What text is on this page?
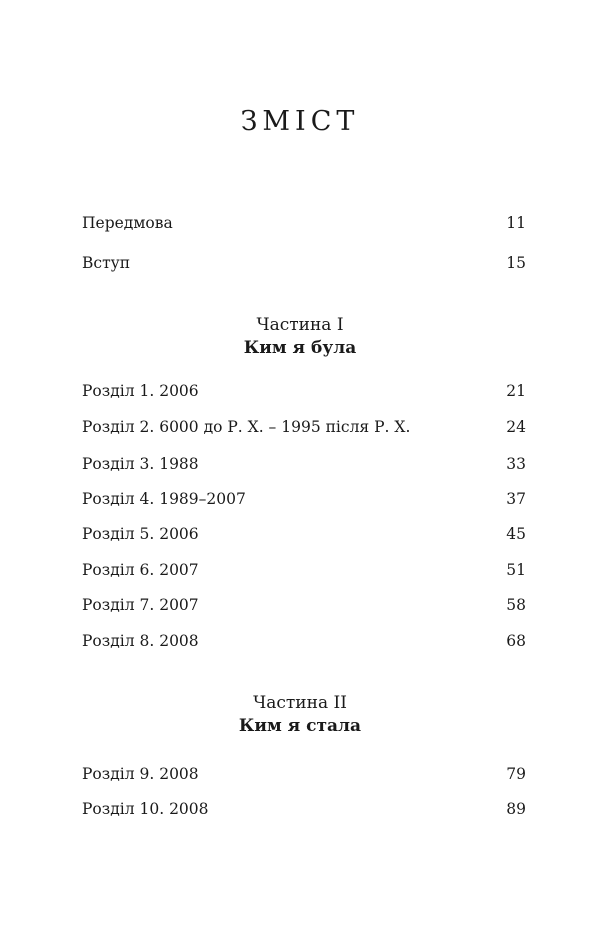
ЗМІСТ
Передмова	11
Вступ	15
Частина I
Ким я була
Розділ 1. 2006	21
Розділ 2. 6000 до Р. Х. – 1995 після Р. Х.	24
Розділ 3. 1988	33
Розділ 4. 1989–2007	37
Розділ 5. 2006	45
Розділ 6. 2007	51
Розділ 7. 2007	58
Розділ 8. 2008	68
Частина II
Ким я стала
Розділ 9. 2008	79
Розділ 10. 2008	89
